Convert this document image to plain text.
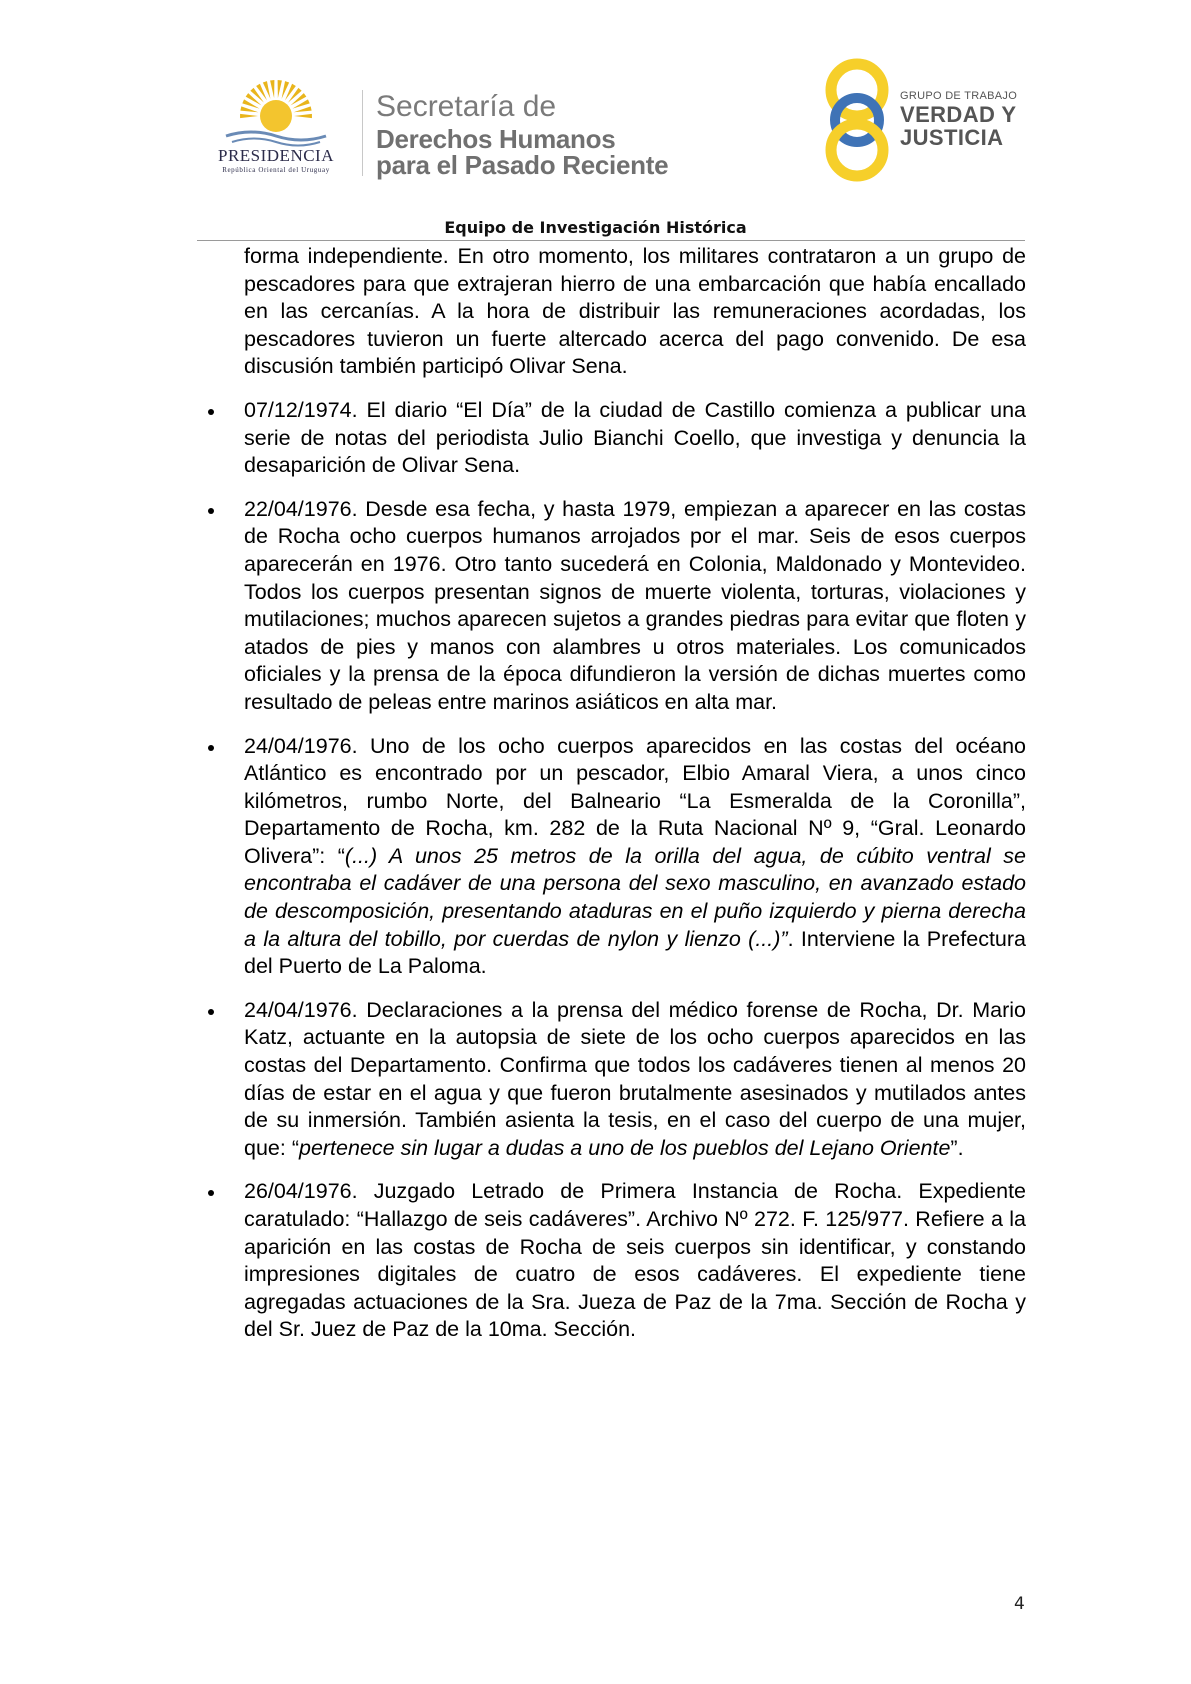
PRESIDENCIA
República Oriental del Uruguay
Secretaría de
Derechos Humanos
para el Pasado Reciente
GRUPO DE TRABAJO
VERDAD Y
JUSTICIA
Equipo de Investigación Histórica

forma independiente. En otro momento, los militares contrataron a un grupo de pescadores para que extrajeran hierro de una embarcación que había encallado en las cercanías. A la hora de distribuir las remuneraciones acordadas, los pescadores tuvieron un fuerte altercado acerca del pago convenido. De esa discusión también participó Olivar Sena.

07/12/1974. El diario “El Día” de la ciudad de Castillo comienza a publicar una serie de notas del periodista Julio Bianchi Coello, que investiga y denuncia la desaparición de Olivar Sena.

22/04/1976. Desde esa fecha, y hasta 1979, empiezan a aparecer en las costas de Rocha ocho cuerpos humanos arrojados por el mar. Seis de esos cuerpos aparecerán en 1976. Otro tanto sucederá en Colonia, Maldonado y Montevideo. Todos los cuerpos presentan signos de muerte violenta, torturas, violaciones y mutilaciones; muchos aparecen sujetos a grandes piedras para evitar que floten y atados de pies y manos con alambres u otros materiales. Los comunicados oficiales y la prensa de la época difundieron la versión de dichas muertes como resultado de peleas entre marinos asiáticos en alta mar.

24/04/1976. Uno de los ocho cuerpos aparecidos en las costas del océano Atlántico es encontrado por un pescador, Elbio Amaral Viera, a unos cinco kilómetros, rumbo Norte, del Balneario “La Esmeralda de la Coronilla”, Departamento de Rocha, km. 282 de la Ruta Nacional Nº 9, “Gral. Leonardo Olivera”: “(...) A unos 25 metros de la orilla del agua, de cúbito ventral se encontraba el cadáver de una persona del sexo masculino, en avanzado estado de descomposición, presentando ataduras en el puño izquierdo y pierna derecha a la altura del tobillo, por cuerdas de nylon y lienzo (...)”. Interviene la Prefectura del Puerto de La Paloma.

24/04/1976. Declaraciones a la prensa del médico forense de Rocha, Dr. Mario Katz, actuante en la autopsia de siete de los ocho cuerpos aparecidos en las costas del Departamento. Confirma que todos los cadáveres tienen al menos 20 días de estar en el agua y que fueron brutalmente asesinados y mutilados antes de su inmersión. También asienta la tesis, en el caso del cuerpo de una mujer, que: “pertenece sin lugar a dudas a uno de los pueblos del Lejano Oriente”.

26/04/1976. Juzgado Letrado de Primera Instancia de Rocha. Expediente caratulado: “Hallazgo de seis cadáveres”. Archivo Nº 272. F. 125/977. Refiere a la aparición en las costas de Rocha de seis cuerpos sin identificar, y constando impresiones digitales de cuatro de esos cadáveres. El expediente tiene agregadas actuaciones de la Sra. Jueza de Paz de la 7ma. Sección de Rocha y del Sr. Juez de Paz de la 10ma. Sección.

4
